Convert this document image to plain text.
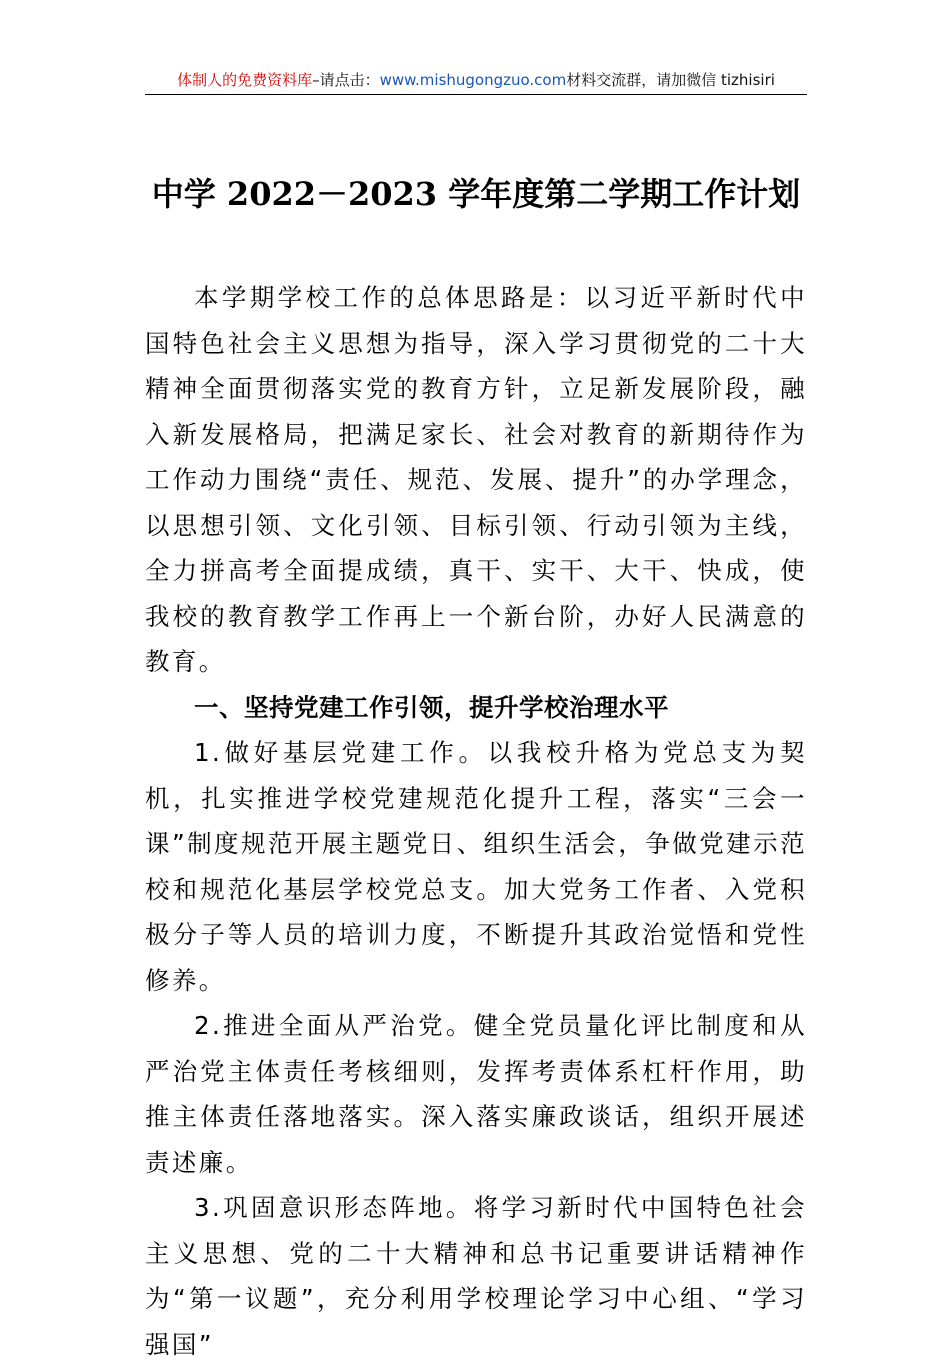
体制人的免费资料库–请点击：www.mishugongzuo.com材料交流群，请加微信 tizhisiri
中学 2022－2023 学年度第二学期工作计划

本学期学校工作的总体思路是：以习近平新时代中国特色社会主义思想为指导，深入学习贯彻党的二十大精神全面贯彻落实党的教育方针，立足新发展阶段，融入新发展格局，把满足家长、社会对教育的新期待作为工作动力围绕“责任、规范、发展、提升”的办学理念，以思想引领、文化引领、目标引领、行动引领为主线，全力拼高考全面提成绩，真干、实干、大干、快成，使我校的教育教学工作再上一个新台阶，办好人民满意的教育。

一、坚持党建工作引领，提升学校治理水平

1.做好基层党建工作。以我校升格为党总支为契机，扎实推进学校党建规范化提升工程，落实“三会一课”制度规范开展主题党日、组织生活会，争做党建示范校和规范化基层学校党总支。加大党务工作者、入党积极分子等人员的培训力度，不断提升其政治觉悟和党性修养。

2.推进全面从严治党。健全党员量化评比制度和从严治党主体责任考核细则，发挥考责体系杠杆作用，助推主体责任落地落实。深入落实廉政谈话，组织开展述责述廉。

3.巩固意识形态阵地。将学习新时代中国特色社会主义思想、党的二十大精神和总书记重要讲话精神作为“第一议题”，充分利用学校理论学习中心组、“学习强国”
